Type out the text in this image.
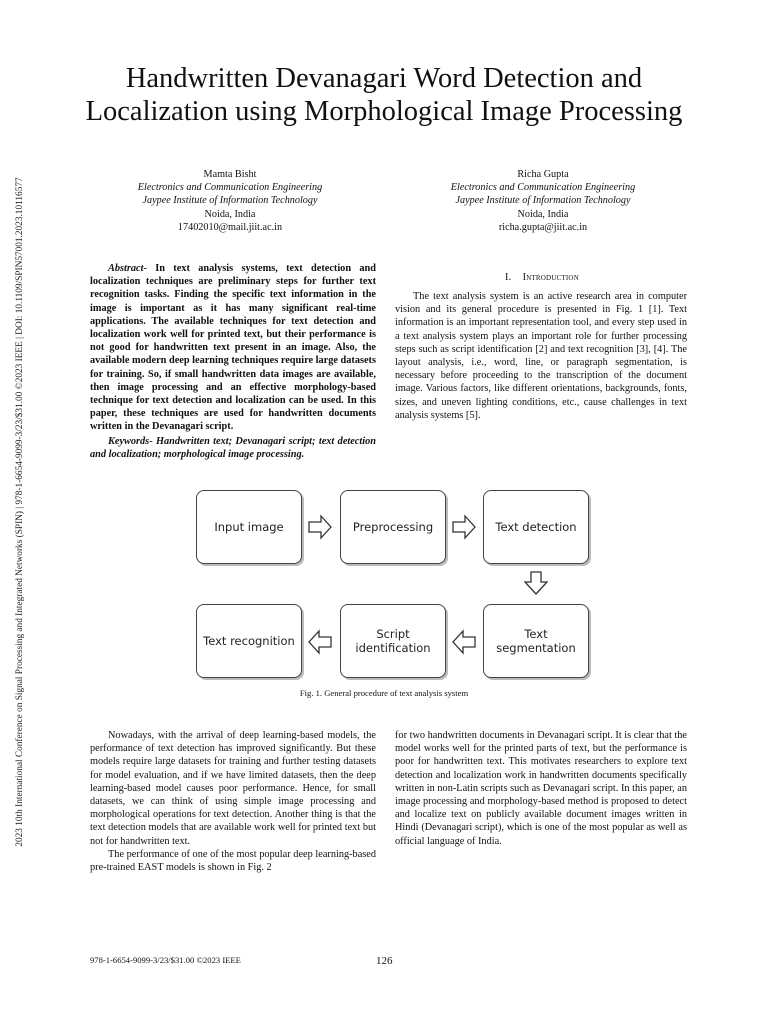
2023 10th International Conference on Signal Processing and Integrated Networks (SPIN) | 978-1-6654-9099-3/23/$31.00 ©2023 IEEE | DOI: 10.1109/SPIN57001.2023.10116577
Handwritten Devanagari Word Detection and
Localization using Morphological Image Processing
Mamta Bisht
Electronics and Communication Engineering
Jaypee Institute of Information Technology
Noida, India
17402010@mail.jiit.ac.in
Richa Gupta
Electronics and Communication Engineering
Jaypee Institute of Information Technology
Noida, India
richa.gupta@jiit.ac.in

Abstract- In text analysis systems, text detection and localization techniques are preliminary steps for further text recognition tasks. Finding the specific text information in the image is important as it has many significant real-time applications. The available techniques for text detection and localization work well for printed text, but their performance is not good for handwritten text present in an image. Also, the available modern deep learning techniques require large datasets for training. So, if small handwritten data images are available, then image processing and an effective morphology-based technique for text detection and localization can be used. In this paper, these techniques are used for handwritten documents written in the Devanagari script.

Keywords- Handwritten text; Devanagari script; text detection and localization; morphological image processing.

I. Introduction

The text analysis system is an active research area in computer vision and its general procedure is presented in Fig. 1 [1]. Text information is an important representation tool, and every step used in a text analysis system plays an important role for further processing steps such as script identification [2] and text recognition [3], [4]. The layout analysis, i.e., word, line, or paragraph segmentation, is necessary before proceeding to the transcription of the document image. Various factors, like different orientations, backgrounds, fonts, sizes, and uneven lighting conditions, etc., cause challenges in text analysis systems [5].

Input image	Preprocessing	Text detection
Text segmentation
Script identification
Text recognition
Fig. 1. General procedure of text analysis system

Nowadays, with the arrival of deep learning-based models, the performance of text detection has improved significantly. But these models require large datasets for training and further testing datasets for model evaluation, and if we have limited datasets, then the deep learning-based model causes poor performance. Hence, for small datasets, we can think of using simple image processing and morphological operations for text detection. Another thing is that the text detection models that are available work well for printed text but not for handwritten text.

The performance of one of the most popular deep learning-based pre-trained EAST models is shown in Fig. 2

for two handwritten documents in Devanagari script. It is clear that the model works well for the printed parts of text, but the performance is poor for handwritten text. This motivates researchers to explore text detection and localization work in handwritten documents specifically written in non-Latin scripts such as Devanagari script. In this paper, an image processing and morphology-based method is proposed to detect and localize text on publicly available document images written in Hindi (Devanagari script), which is one of the most popular as well as official language of India.

978-1-6654-9099-3/23/$31.00 ©2023 IEEE	126
